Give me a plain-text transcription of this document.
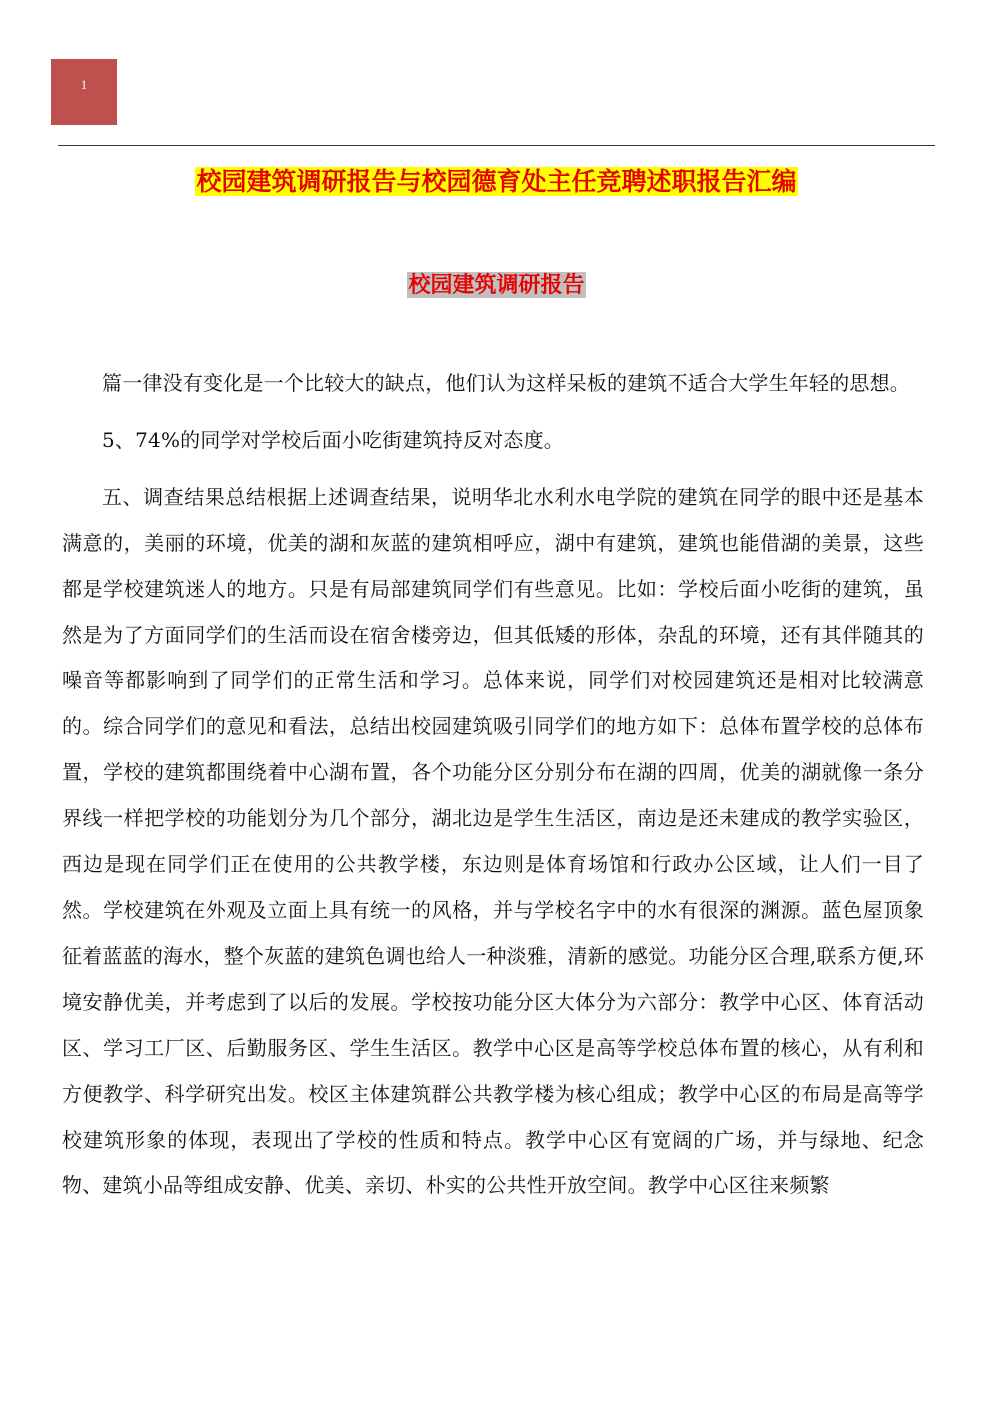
1
校园建筑调研报告与校园德育处主任竞聘述职报告汇编
校园建筑调研报告

篇一律没有变化是一个比较大的缺点，他们认为这样呆板的建筑不适合大学生年轻的思想。

5、74%的同学对学校后面小吃街建筑持反对态度。

五、调查结果总结根据上述调查结果，说明华北水利水电学院的建筑在同学的眼中还是基本满意的，美丽的环境，优美的湖和灰蓝的建筑相呼应，湖中有建筑，建筑也能借湖的美景，这些都是学校建筑迷人的地方。只是有局部建筑同学们有些意见。比如：学校后面小吃街的建筑，虽然是为了方面同学们的生活而设在宿舍楼旁边，但其低矮的形体，杂乱的环境，还有其伴随其的噪音等都影响到了同学们的正常生活和学习。总体来说，同学们对校园建筑还是相对比较满意的。综合同学们的意见和看法，总结出校园建筑吸引同学们的地方如下：总体布置学校的总体布置，学校的建筑都围绕着中心湖布置，各个功能分区分别分布在湖的四周，优美的湖就像一条分界线一样把学校的功能划分为几个部分，湖北边是学生生活区，南边是还未建成的教学实验区，西边是现在同学们正在使用的公共教学楼，东边则是体育场馆和行政办公区域，让人们一目了然。学校建筑在外观及立面上具有统一的风格，并与学校名字中的水有很深的渊源。蓝色屋顶象征着蓝蓝的海水，整个灰蓝的建筑色调也给人一种淡雅，清新的感觉。功能分区合理,联系方便,环境安静优美，并考虑到了以后的发展。学校按功能分区大体分为六部分：教学中心区、体育活动区、学习工厂区、后勤服务区、学生生活区。教学中心区是高等学校总体布置的核心，从有利和方便教学、科学研究出发。校区主体建筑群公共教学楼为核心组成；教学中心区的布局是高等学校建筑形象的体现，表现出了学校的性质和特点。教学中心区有宽阔的广场，并与绿地、纪念物、建筑小品等组成安静、优美、亲切、朴实的公共性开放空间。教学中心区往来频繁
